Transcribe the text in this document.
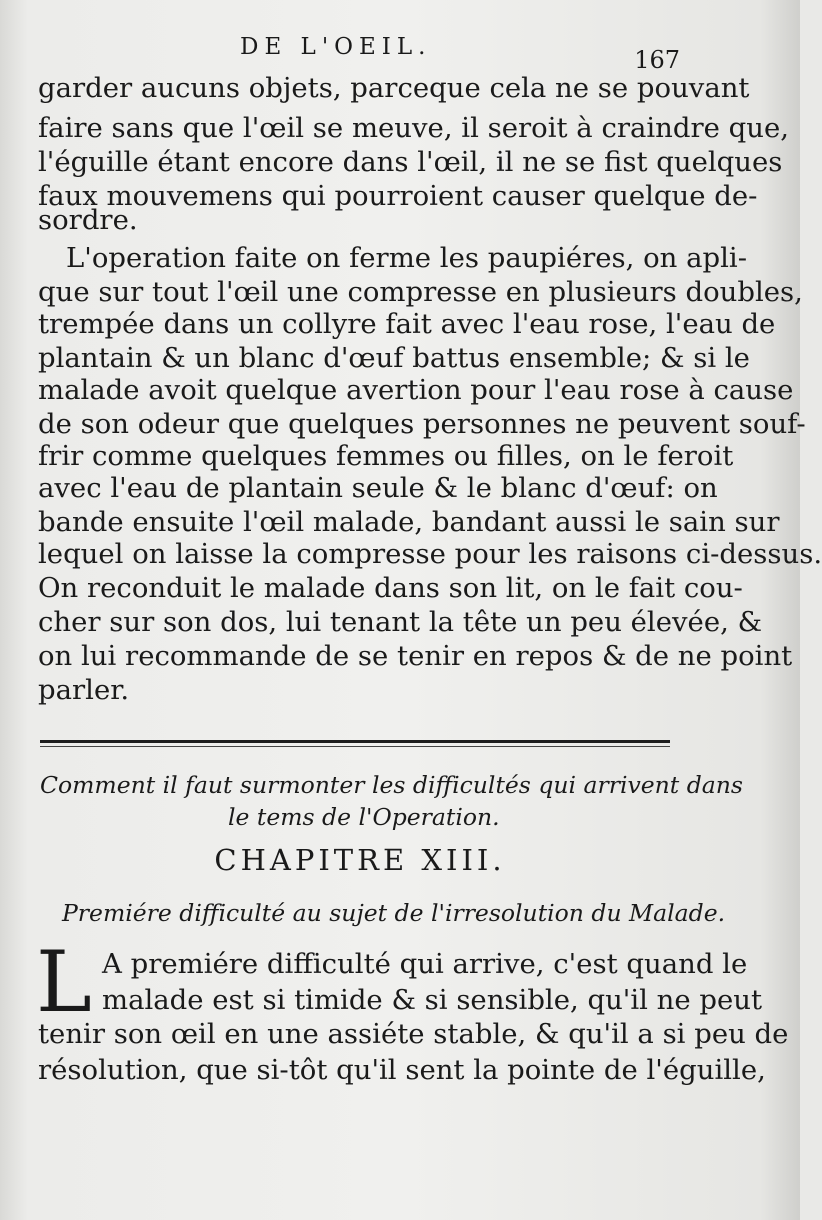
DE L'OEIL.	167
garder aucuns objets, parceque cela ne se pouvant
faire sans que l'œil se meuve, il seroit à craindre que,
l'éguille étant encore dans l'œil, il ne se fist quelques
faux mouvemens qui pourroient causer quelque de-
sordre.
L'operation faite on ferme les paupiéres, on apli-
que sur tout l'œil une compresse en plusieurs doubles,
trempée dans un collyre fait avec l'eau rose, l'eau de
plantain & un blanc d'œuf battus ensemble; & si le
malade avoit quelque avertion pour l'eau rose à cause
de son odeur que quelques personnes ne peuvent souf-
frir comme quelques femmes ou filles, on le feroit
avec l'eau de plantain seule & le blanc d'œuf: on
bande ensuite l'œil malade, bandant aussi le sain sur
lequel on laisse la compresse pour les raisons ci-dessus.
On reconduit le malade dans son lit, on le fait cou-
cher sur son dos, lui tenant la tête un peu élevée, &
on lui recommande de se tenir en repos & de ne point
parler.
Comment il faut surmonter les difficultés qui arrivent dans
le tems de l'Operation.
CHAPITRE XIII.
Premiére difficulté au sujet de l'irresolution du Malade.
L A premiére difficulté qui arrive, c'est quand le
malade est si timide & si sensible, qu'il ne peut
tenir son œil en une assiéte stable, & qu'il a si peu de
résolution, que si-tôt qu'il sent la pointe de l'éguille,
